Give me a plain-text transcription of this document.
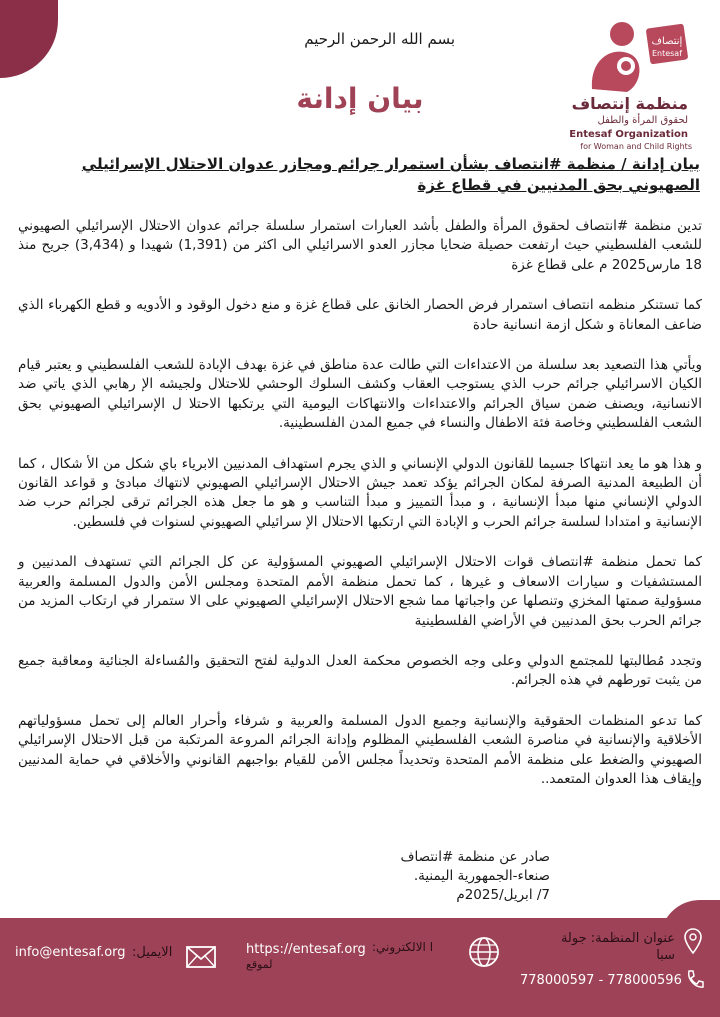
بسم الله الرحمن الرحيم
بيان إدانة
إنتصاف
Entesaf
منظمة إنتصاف
لحقوق المرأة والطفل
Entesaf Organization
for Woman and Child Rights
بيان إدانة / منظمة #انتصاف بشأن استمرار جرائم ومجازر عدوان الاحتلال الإسرائيلي الصهيوني بحق المدنيين في قطاع غزة

تدين منظمة #انتصاف لحقوق المرأة والطفل بأشد العبارات استمرار سلسلة جرائم عدوان الاحتلال الإسرائيلي الصهيوني للشعب الفلسطيني حيث ارتفعت حصيلة ضحايا مجازر العدو الاسرائيلي الى اكثر من (1,391) شهيدا و (3,434) جريح منذ 18 مارس2025 م على قطاع غزة

كما تستنكر منظمه انتصاف استمرار فرض الحصار الخانق على قطاع غزة و منع دخول الوقود و الأدويه و قطع الكهرباء الذي ضاعف المعاناة و شكل ازمة انسانية حادة

ويأتي هذا التصعيد بعد سلسلة من الاعتداءات التي طالت عدة مناطق في غزة بهدف الإبادة للشعب الفلسطيني و يعتبر قيام الكيان الاسرائيلي جرائم حرب الذي يستوجب العقاب وكشف السلوك الوحشي للاحتلال ولجيشه الإ رهابي الذي ياتي ضد الانسانية، ويصنف ضمن سياق الجرائم والاعتداءات والانتهاكات اليومية التي يرتكبها الاحتلا ل الإسرائيلي الصهيوني بحق الشعب الفلسطيني وخاصة فئة الاطفال والنساء في جميع المدن الفلسطينية.

و هذا هو ما يعد انتهاكا جسيما للقانون الدولي الإنساني و الذي يجرم استهداف المدنيين الابرياء باي شكل من الأ شكال ، كما أن الطبيعة المدنية الصرفة لمكان الجرائم يؤكد تعمد جيش الاحتلال الإسرائيلي الصهيوني لانتهاك مبادئ و قواعد القانون الدولي الإنساني منها مبدأ الإنسانية ، و مبدأ التمييز و مبدأ التناسب و هو ما جعل هذه الجرائم ترقى لجرائم حرب ضد الإنسانية و امتدادا لسلسة جرائم الحرب و الإبادة التي ارتكبها الاحتلال الإ سرائيلي الصهيوني لسنوات في فلسطين.

كما تحمل منظمة #انتصاف قوات الاحتلال الإسرائيلي الصهيوني المسؤولية عن كل الجرائم التي تستهدف المدنيين و المستشفيات و سيارات الاسعاف و غيرها ، كما تحمل منظمة الأمم المتحدة ومجلس الأمن والدول المسلمة والعربية مسؤولية صمتها المخزي وتنصلها عن واجباتها مما شجع الاحتلال الإسرائيلي الصهيوني على الا ستمرار في ارتكاب المزيد من جرائم الحرب بحق المدنيين في الأراضي الفلسطينية

وتجدد مُطالبتها للمجتمع الدولي وعلى وجه الخصوص محكمة العدل الدولية لفتح التحقيق والمُساءلة الجنائية ومعاقبة جميع من يثبت تورطهم في هذه الجرائم.

كما تدعو المنظمات الحقوقية والإنسانية وجميع الدول المسلمة والعربية و شرفاء وأحرار العالم إلى تحمل مسؤولياتهم الأخلاقية والإنسانية في مناصرة الشعب الفلسطيني المظلوم وإدانة الجرائم المروعة المرتكبة من قبل الاحتلال الإسرائيلي الصهيوني والضغط على منظمة الأمم المتحدة وتحديداً مجلس الأمن للقيام بواجبهم القانوني والأخلاقي في حماية المدنيين وإيقاف هذا العدوان المتعمد..

صادر عن منظمة #انتصاف
صنعاء-الجمهورية اليمنية.
7/ ابريل/2025م
الايميل:
info@entesaf.org	ا الالكتروني:
https://entesaf.org
لموقع
عنوان المنظمة: جولة سبا
778000597 - 778000596
